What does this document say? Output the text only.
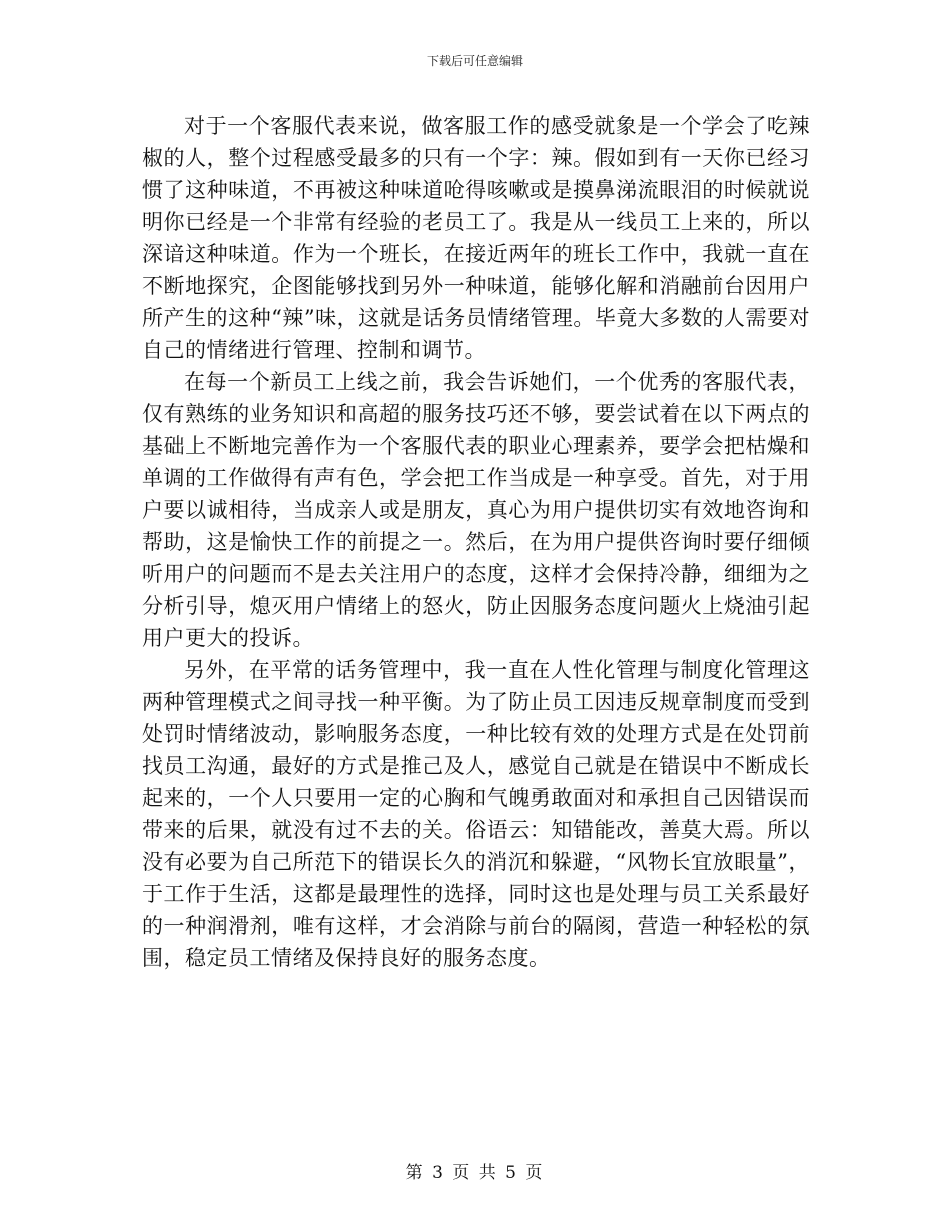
下载后可任意编辑

对于一个客服代表来说，做客服工作的感受就象是一个学会了吃辣椒的人，整个过程感受最多的只有一个字：辣。假如到有一天你已经习惯了这种味道，不再被这种味道呛得咳嗽或是摸鼻涕流眼泪的时候就说明你已经是一个非常有经验的老员工了。我是从一线员工上来的，所以深谙这种味道。作为一个班长，在接近两年的班长工作中，我就一直在不断地探究，企图能够找到另外一种味道，能够化解和消融前台因用户所产生的这种“辣”味，这就是话务员情绪管理。毕竟大多数的人需要对自己的情绪进行管理、控制和调节。

在每一个新员工上线之前，我会告诉她们，一个优秀的客服代表，仅有熟练的业务知识和高超的服务技巧还不够，要尝试着在以下两点的基础上不断地完善作为一个客服代表的职业心理素养，要学会把枯燥和单调的工作做得有声有色，学会把工作当成是一种享受。首先，对于用户要以诚相待，当成亲人或是朋友，真心为用户提供切实有效地咨询和帮助，这是愉快工作的前提之一。然后，在为用户提供咨询时要仔细倾听用户的问题而不是去关注用户的态度，这样才会保持冷静，细细为之分析引导，熄灭用户情绪上的怒火，防止因服务态度问题火上烧油引起用户更大的投诉。

另外，在平常的话务管理中，我一直在人性化管理与制度化管理这两种管理模式之间寻找一种平衡。为了防止员工因违反规章制度而受到处罚时情绪波动，影响服务态度，一种比较有效的处理方式是在处罚前找员工沟通，最好的方式是推己及人，感觉自己就是在错误中不断成长起来的，一个人只要用一定的心胸和气魄勇敢面对和承担自己因错误而带来的后果，就没有过不去的关。俗语云：知错能改，善莫大焉。所以没有必要为自己所范下的错误长久的消沉和躲避，“风物长宜放眼量”，于工作于生活，这都是最理性的选择，同时这也是处理与员工关系最好的一种润滑剂，唯有这样，才会消除与前台的隔阂，营造一种轻松的氛围，稳定员工情绪及保持良好的服务态度。

第 3 页 共 5 页
